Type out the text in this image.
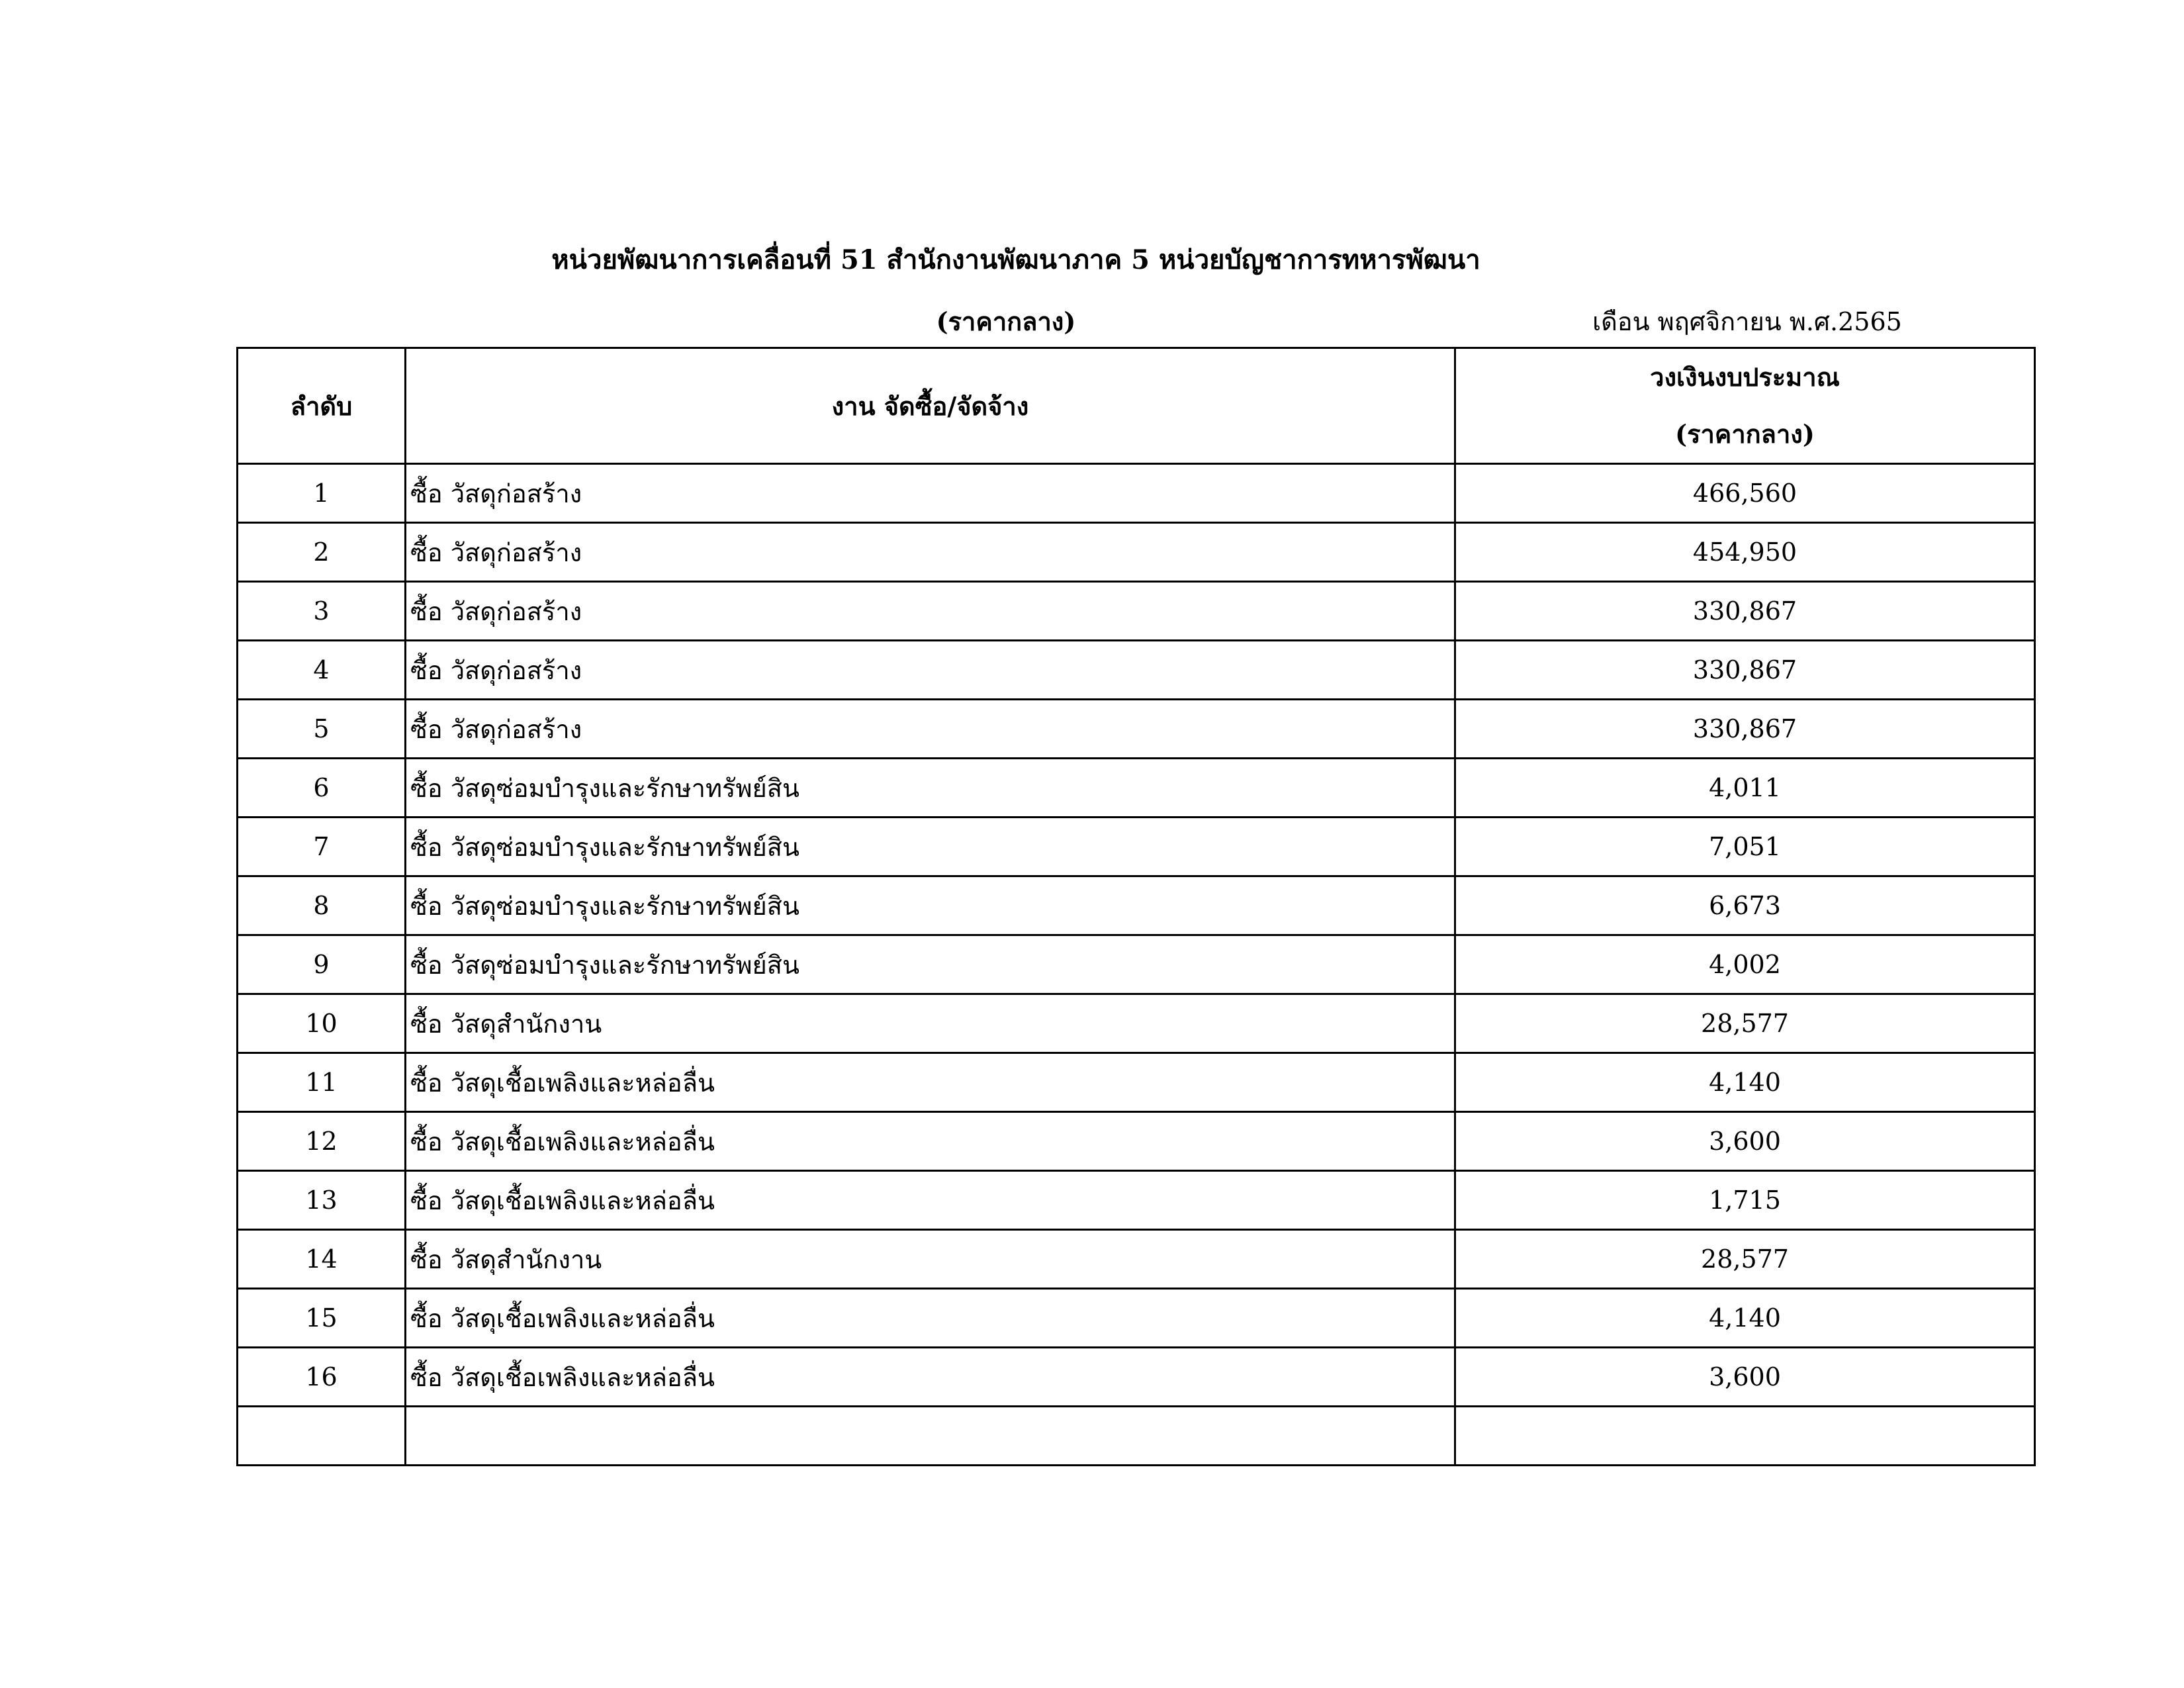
หน่วยพัฒนาการเคลื่อนที่ 51 สำนักงานพัฒนาภาค 5 หน่วยบัญชาการทหารพัฒนา
(ราคากลาง)	เดือน พฤศจิกายน พ.ศ.2565
ลำดับ	งาน จัดซื้อ/จัดจ้าง	วงเงินงบประมาณ
(ราคากลาง)

1	ซื้อ วัสดุก่อสร้าง	466,560
2	ซื้อ วัสดุก่อสร้าง	454,950
3	ซื้อ วัสดุก่อสร้าง	330,867
4	ซื้อ วัสดุก่อสร้าง	330,867
5	ซื้อ วัสดุก่อสร้าง	330,867
6	ซื้อ วัสดุซ่อมบำรุงและรักษาทรัพย์สิน	4,011
7	ซื้อ วัสดุซ่อมบำรุงและรักษาทรัพย์สิน	7,051
8	ซื้อ วัสดุซ่อมบำรุงและรักษาทรัพย์สิน	6,673
9	ซื้อ วัสดุซ่อมบำรุงและรักษาทรัพย์สิน	4,002
10	ซื้อ วัสดุสำนักงาน	28,577
11	ซื้อ วัสดุเชื้อเพลิงและหล่อลื่น	4,140
12	ซื้อ วัสดุเชื้อเพลิงและหล่อลื่น	3,600
13	ซื้อ วัสดุเชื้อเพลิงและหล่อลื่น	1,715
14	ซื้อ วัสดุสำนักงาน	28,577
15	ซื้อ วัสดุเชื้อเพลิงและหล่อลื่น	4,140
16	ซื้อ วัสดุเชื้อเพลิงและหล่อลื่น	3,600
